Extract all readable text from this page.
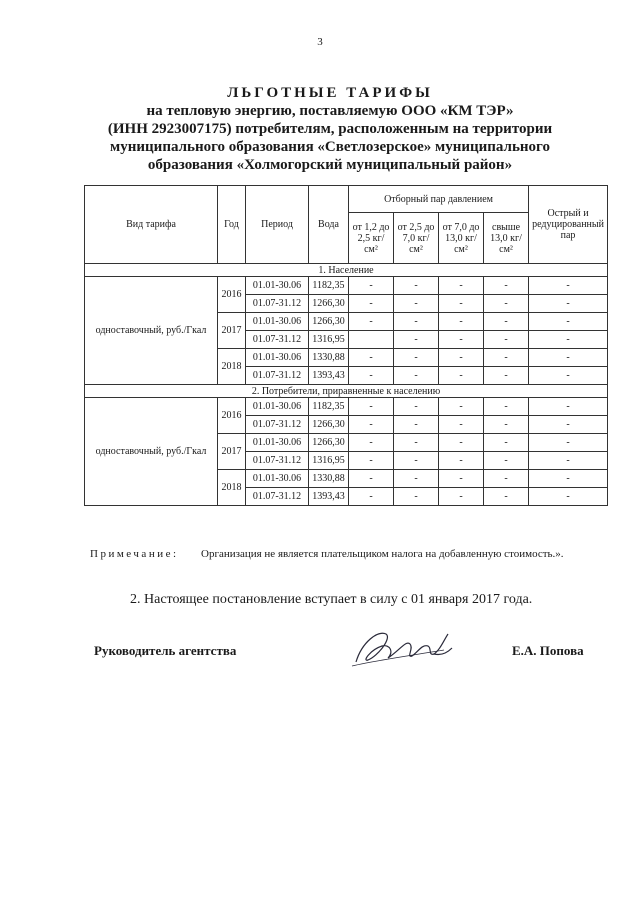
3
ЛЬГОТНЫЕ ТАРИФЫ
на тепловую энергию, поставляемую ООО «КМ ТЭР»
(ИНН 2923007175) потребителям, расположенным на территории
муниципального образования «Светлозерское» муниципального
образования «Холмогорский муниципальный район»
Вид тарифа	Год	Период	Вода	Отборный пар давлением				Острый и редуцированный пар
				от 1,2 до 2,5 кг/см²	от 2,5 до 7,0 кг/см²	от 7,0 до 13,0 кг/см²	свыше 13,0 кг/см²	
1. Население								
одноставочный, руб./Гкал	2016	01.01-30.06	1182,35	-	-	-	-	-
		01.07-31.12	1266,30	-	-	-	-	-
	2017	01.01-30.06	1266,30	-	-	-	-	-
		01.07-31.12	1316,95		-	-	-	-
	2018	01.01-30.06	1330,88	-	-	-	-	-
		01.07-31.12	1393,43	-	-	-	-	-
2. Потребители, приравненные к населению								
одноставочный, руб./Гкал	2016	01.01-30.06	1182,35	-	-	-	-	-
		01.07-31.12	1266,30	-	-	-	-	-
	2017	01.01-30.06	1266,30	-	-	-	-	-
		01.07-31.12	1316,95	-	-	-	-	-
	2018	01.01-30.06	1330,88	-	-	-	-	-
		01.07-31.12	1393,43	-	-	-	-	-
Примечание: Организация не является плательщиком налога на добавленную стоимость.».
2. Настоящее постановление вступает в силу с 01 января 2017 года.
Руководитель агентства	Е.А. Попова
